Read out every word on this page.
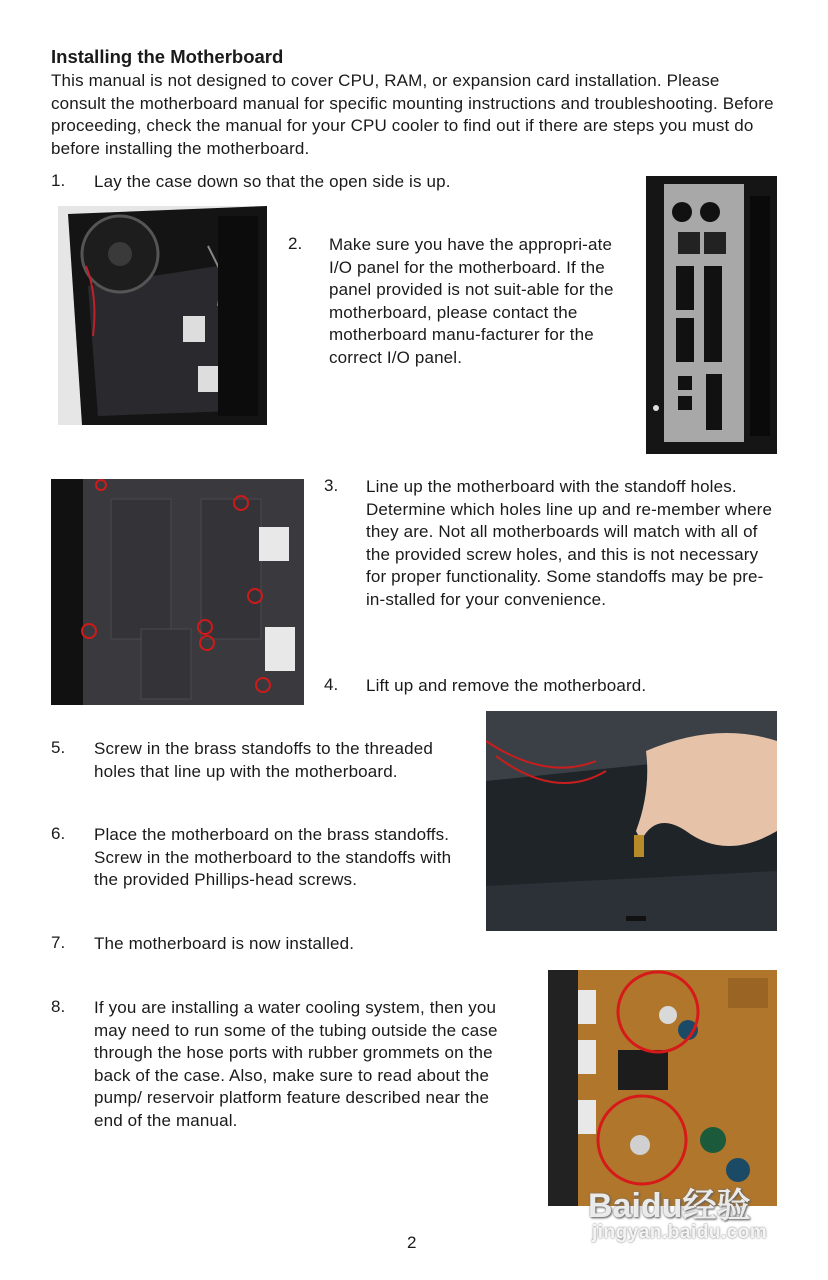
Installing the Motherboard
This manual is not designed to cover CPU, RAM, or expansion card installation. Please consult the motherboard manual for specific mounting instructions and troubleshooting. Before proceeding, check the manual for your CPU cooler to find out if there are steps you must do before installing the motherboard.
1. Lay the case down so that the open side is up.
2. Make sure you have the appropri-ate I/O panel for the motherboard. If the panel provided is not suit-able for the motherboard, please contact the motherboard manu-facturer for the correct I/O panel.
3. Line up the motherboard with the standoff holes. Determine which holes line up and re-member where they are. Not all motherboards will match with all of the provided screw holes, and this is not necessary for proper functionality. Some standoffs may be pre-in-stalled for your convenience.
4. Lift up and remove the motherboard.
5. Screw in the brass standoffs to the threaded holes that line up with the motherboard.
6. Place the motherboard on the brass standoffs. Screw in the motherboard to the standoffs with the provided Phillips-head screws.
7. The motherboard is now installed.
8. If you are installing a water cooling system, then you may need to run some of the tubing outside the case through the hose ports with rubber grommets on the back of the case. Also, make sure to read about the pump/ reservoir platform feature described near the end of the manual.
Baidu经验
jingyan.baidu.com
2
